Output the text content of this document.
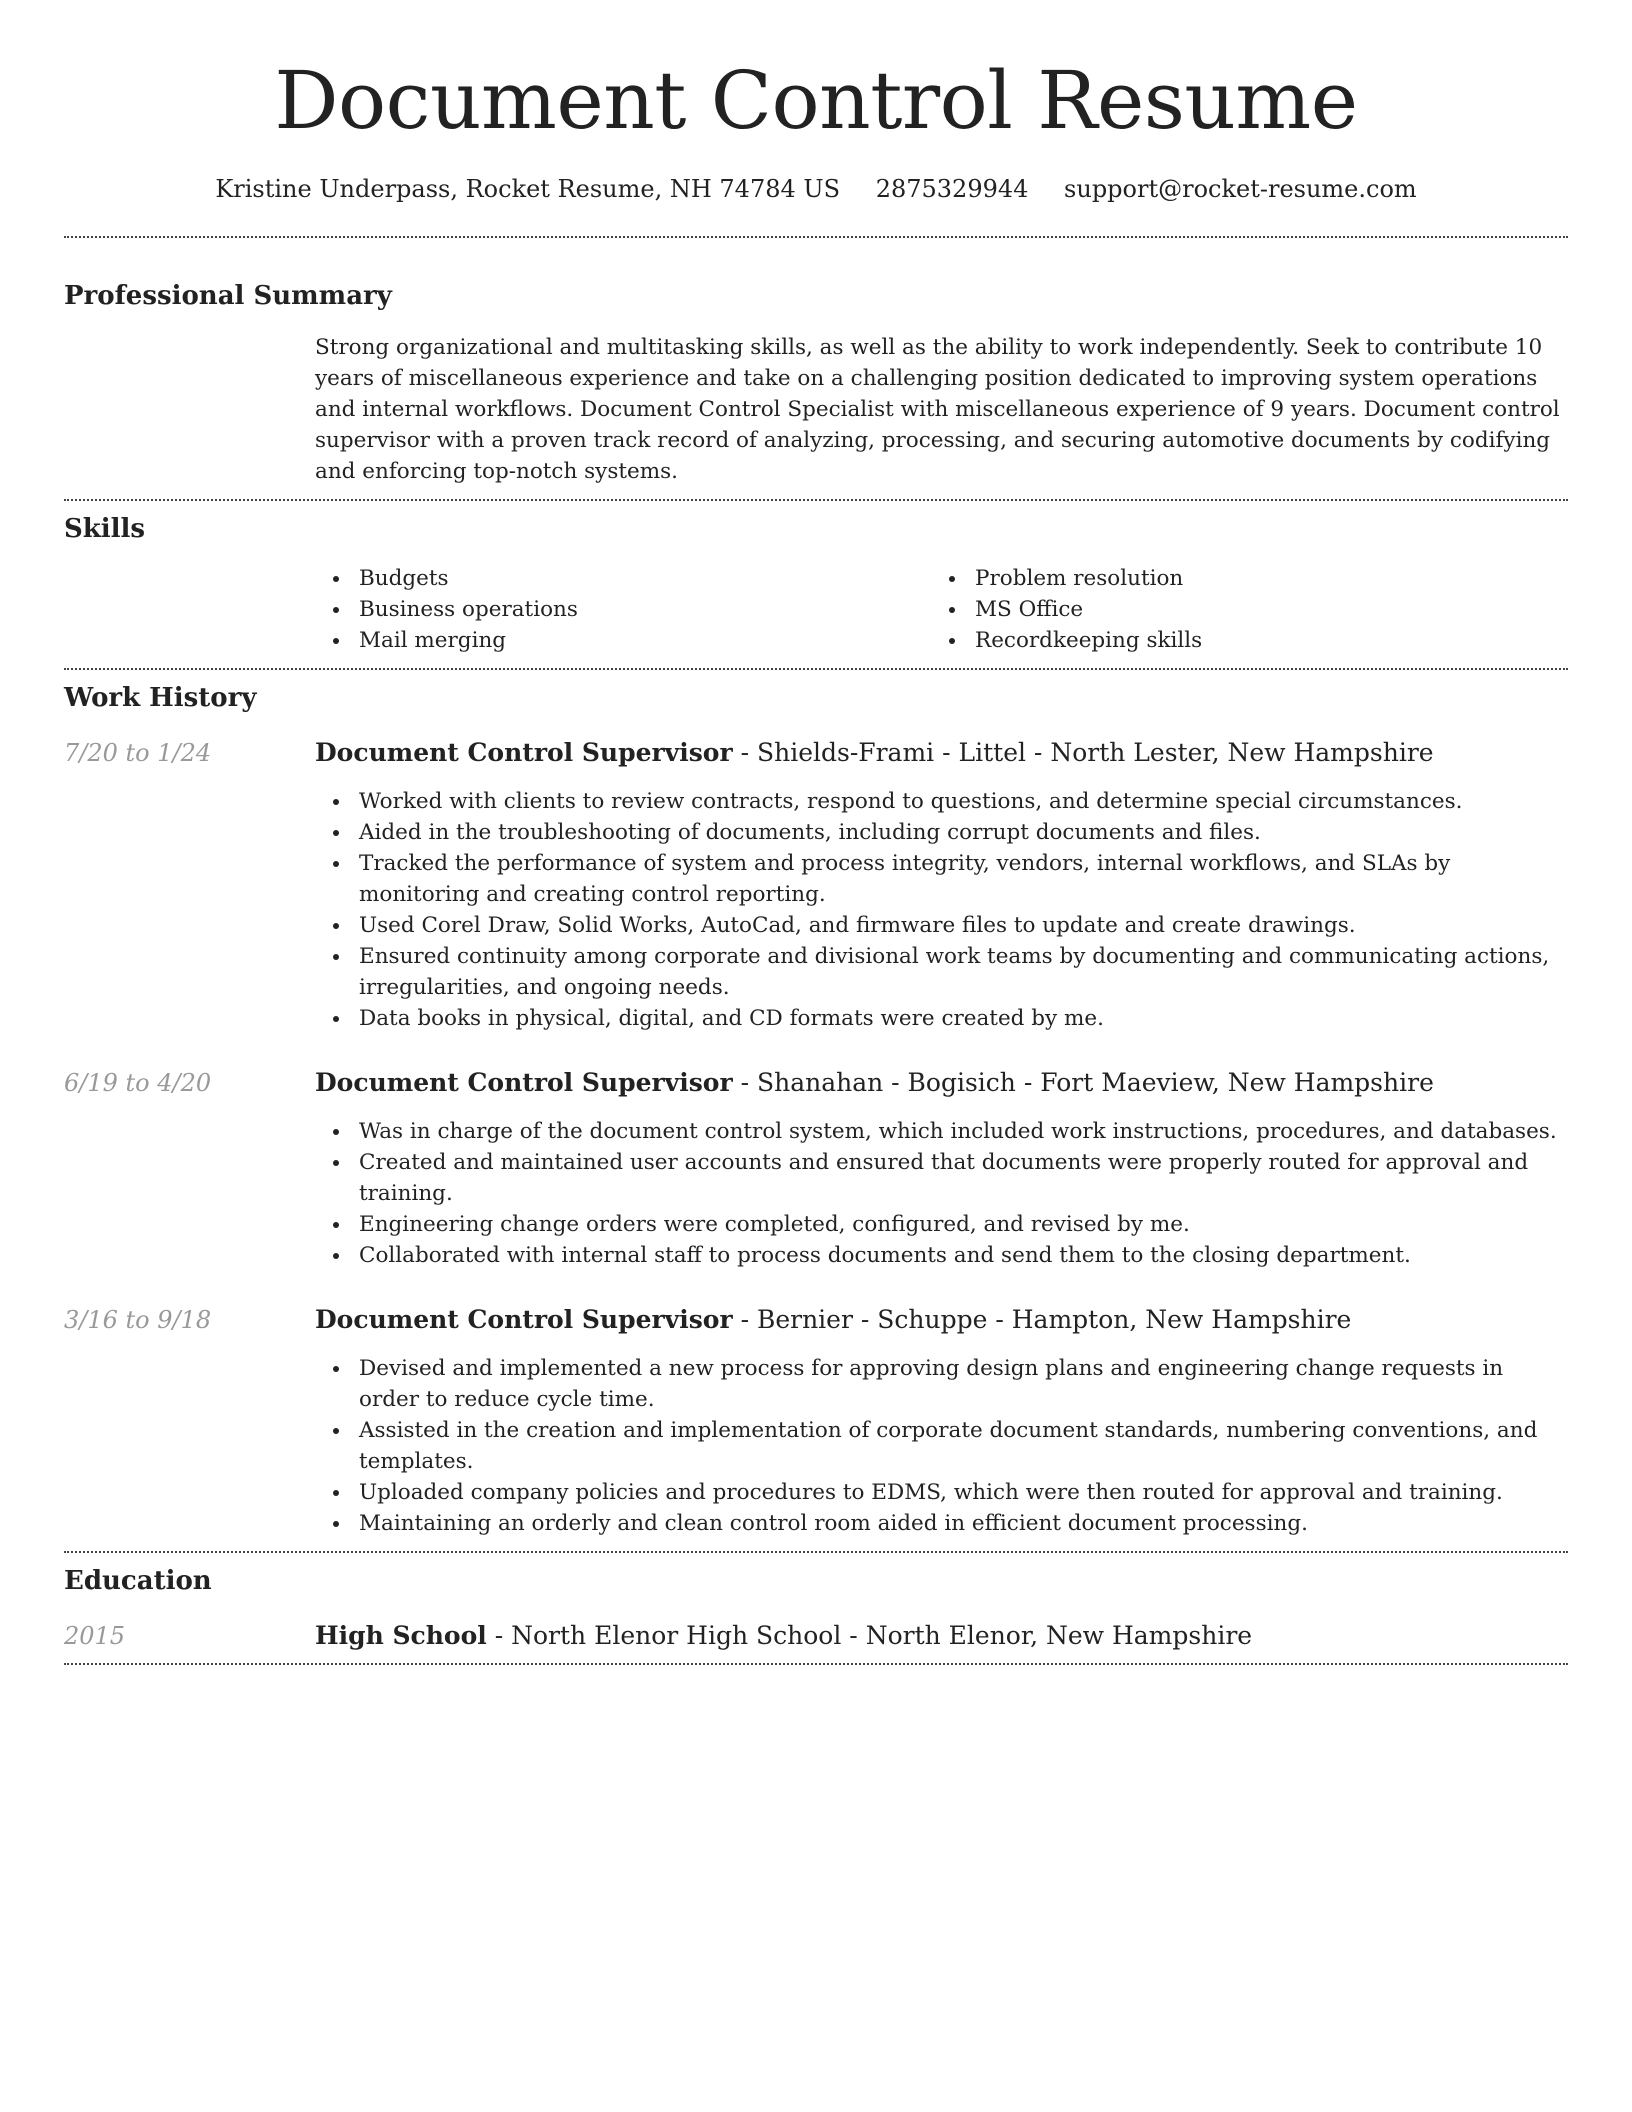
Document Control Resume
Kristine Underpass, Rocket Resume, NH 74784 US 2875329944 support@rocket-resume.com
Professional Summary

Strong organizational and multitasking skills, as well as the ability to work independently. Seek to contribute 10 years of miscellaneous experience and take on a challenging position dedicated to improving system operations and internal workflows. Document Control Specialist with miscellaneous experience of 9 years. Document control supervisor with a proven track record of analyzing, processing, and securing automotive documents by codifying and enforcing top-notch systems.

Skills
Budgets
Business operations
Mail merging
Problem resolution
MS Office
Recordkeeping skills
Work History
7/20 to 1/24	Document Control Supervisor - Shields-Frami - Littel - North Lester, New Hampshire
Worked with clients to review contracts, respond to questions, and determine special circumstances.
Aided in the troubleshooting of documents, including corrupt documents and files.
Tracked the performance of system and process integrity, vendors, internal workflows, and SLAs by monitoring and creating control reporting.
Used Corel Draw, Solid Works, AutoCad, and firmware files to update and create drawings.
Ensured continuity among corporate and divisional work teams by documenting and communicating actions, irregularities, and ongoing needs.
Data books in physical, digital, and CD formats were created by me.
6/19 to 4/20	Document Control Supervisor - Shanahan - Bogisich - Fort Maeview, New Hampshire
Was in charge of the document control system, which included work instructions, procedures, and databases.
Created and maintained user accounts and ensured that documents were properly routed for approval and training.
Engineering change orders were completed, configured, and revised by me.
Collaborated with internal staff to process documents and send them to the closing department.
3/16 to 9/18	Document Control Supervisor - Bernier - Schuppe - Hampton, New Hampshire
Devised and implemented a new process for approving design plans and engineering change requests in order to reduce cycle time.
Assisted in the creation and implementation of corporate document standards, numbering conventions, and templates.
Uploaded company policies and procedures to EDMS, which were then routed for approval and training.
Maintaining an orderly and clean control room aided in efficient document processing.
Education
2015	High School - North Elenor High School - North Elenor, New Hampshire
